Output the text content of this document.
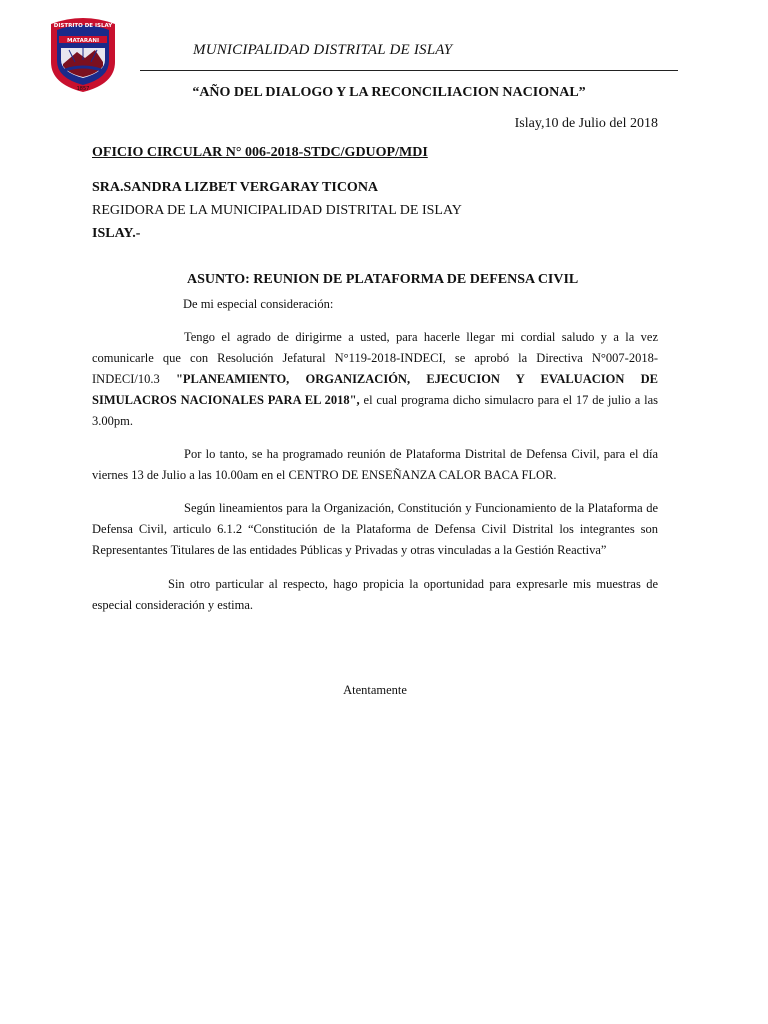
DISTRITO DE ISLAY
MATARANI
1857
MUNICIPALIDAD DISTRITAL DE ISLAY
“AÑO DEL DIALOGO Y LA RECONCILIACION NACIONAL”
Islay,10 de Julio del 2018
OFICIO CIRCULAR N° 006-2018-STDC/GDUOP/MDI
SRA.SANDRA LIZBET VERGARAY TICONA
REGIDORA DE LA MUNICIPALIDAD DISTRITAL DE ISLAY
ISLAY.-
ASUNTO: REUNION DE PLATAFORMA DE DEFENSA CIVIL
De mi especial consideración:
Tengo el agrado de dirigirme a usted, para hacerle llegar mi cordial saludo y a la vez comunicarle que con Resolución Jefatural N°119-2018-INDECI, se aprobó la Directiva N°007-2018-INDECI/10.3 "PLANEAMIENTO, ORGANIZACIÓN, EJECUCION Y EVALUACION DE SIMULACROS NACIONALES PARA EL 2018", el cual programa dicho simulacro para el 17 de julio a las 3.00pm.
Por lo tanto, se ha programado reunión de Plataforma Distrital de Defensa Civil, para el día viernes 13 de Julio a las 10.00am en el CENTRO DE ENSEÑANZA CALOR BACA FLOR.
Según lineamientos para la Organización, Constitución y Funcionamiento de la Plataforma de Defensa Civil, articulo 6.1.2 “Constitución de la Plataforma de Defensa Civil Distrital los integrantes son Representantes Titulares de las entidades Públicas y Privadas y otras vinculadas a la Gestión Reactiva”
Sin otro particular al respecto, hago propicia la oportunidad para expresarle mis muestras de especial consideración y estima.
Atentamente
